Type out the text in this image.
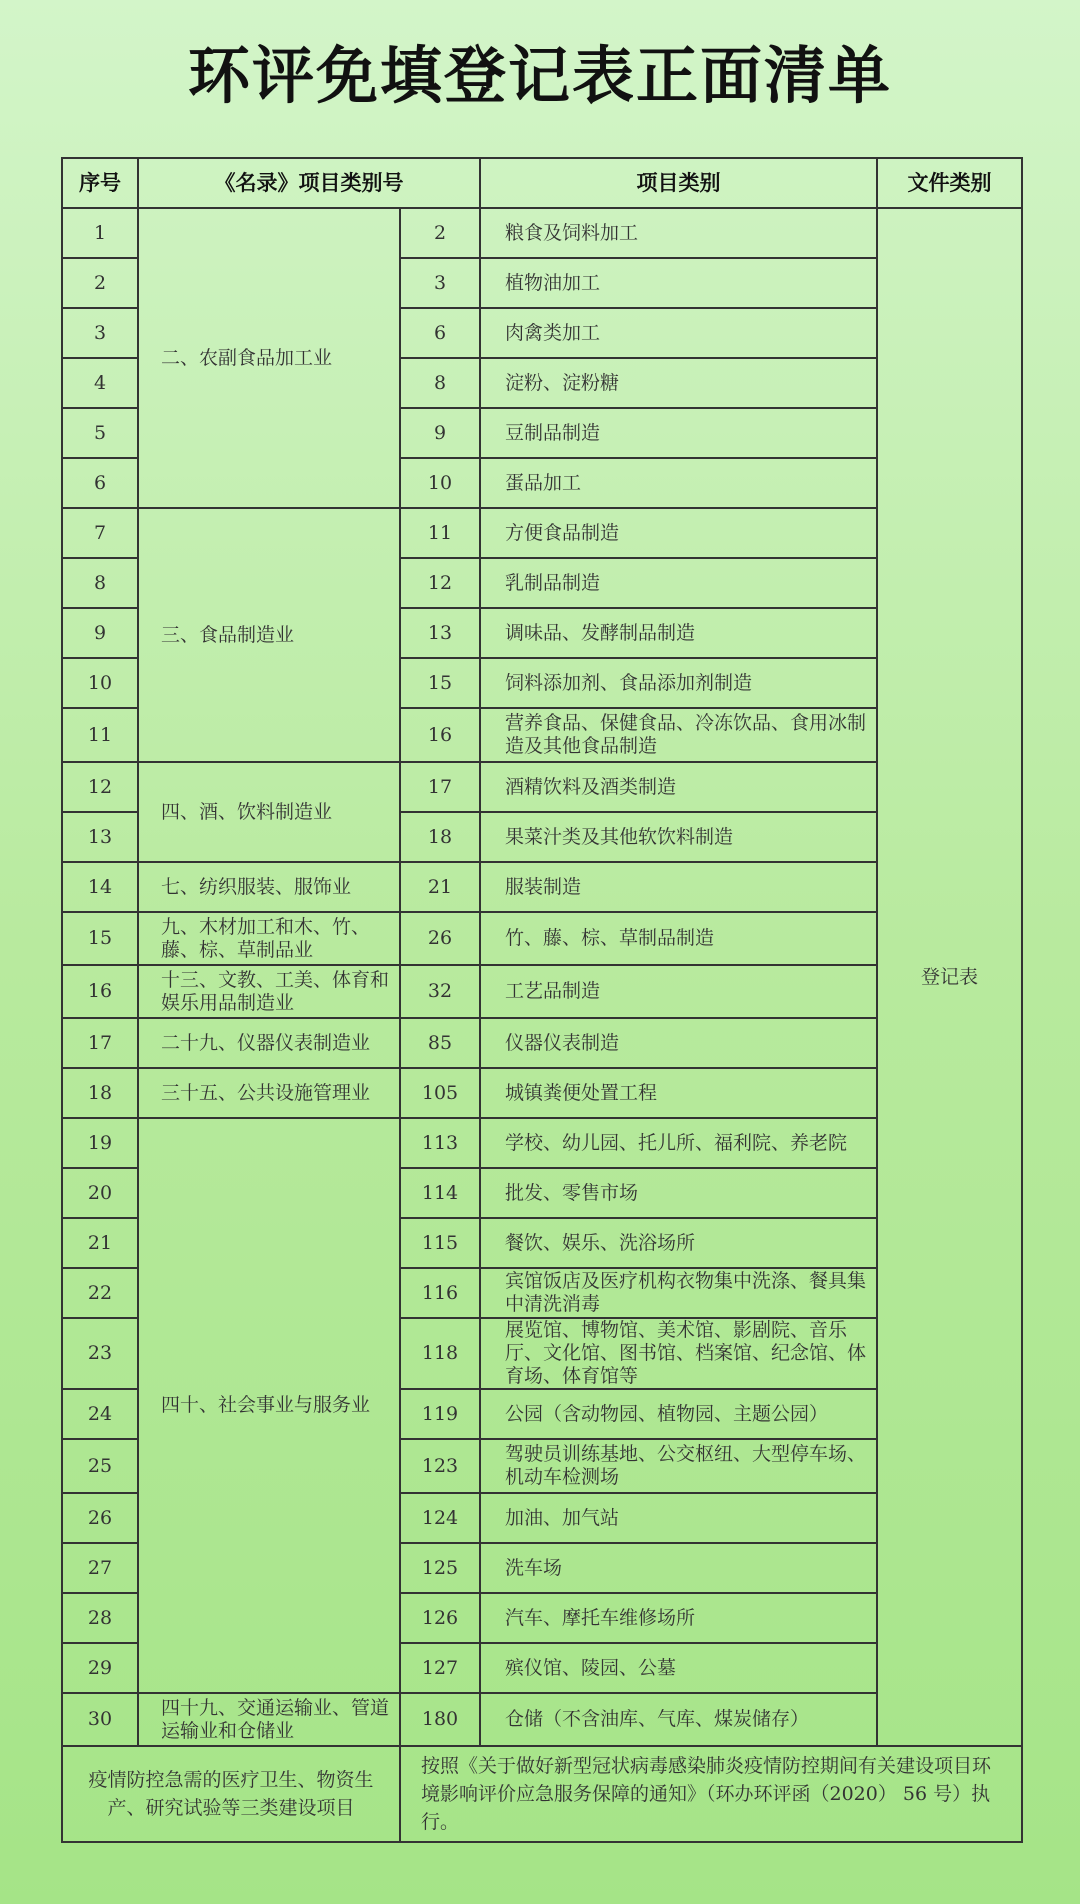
环评免填登记表正面清单
序号	《名录》项目类别号		项目类别	文件类别
1	二、农副食品加工业	2	粮食及饲料加工	登记表
2		3	植物油加工	
3		6	肉禽类加工	
4		8	淀粉、淀粉糖	
5		9	豆制品制造	
6		10	蛋品加工	
7	三、食品制造业	11	方便食品制造	
8		12	乳制品制造	
9		13	调味品、发酵制品制造	
10		15	饲料添加剂、食品添加剂制造	
11		16	营养食品、保健食品、冷冻饮品、食用冰制造及其他食品制造	
12	四、酒、饮料制造业	17	酒精饮料及酒类制造	
13		18	果菜汁类及其他软饮料制造	
14	七、纺织服装、服饰业	21	服装制造	
15	九、木材加工和木、竹、藤、棕、草制品业	26	竹、藤、棕、草制品制造	
16	十三、文教、工美、体育和娱乐用品制造业	32	工艺品制造	
17	二十九、仪器仪表制造业	85	仪器仪表制造	
18	三十五、公共设施管理业	105	城镇粪便处置工程	
19	四十、社会事业与服务业	113	学校、幼儿园、托儿所、福利院、养老院	
20		114	批发、零售市场	
21		115	餐饮、娱乐、洗浴场所	
22		116	宾馆饭店及医疗机构衣物集中洗涤、餐具集中清洗消毒	
23		118	展览馆、博物馆、美术馆、影剧院、音乐厅、文化馆、图书馆、档案馆、纪念馆、体育场、体育馆等	
24		119	公园（含动物园、植物园、主题公园）	
25		123	驾驶员训练基地、公交枢纽、大型停车场、机动车检测场	
26		124	加油、加气站	
27		125	洗车场	
28		126	汽车、摩托车维修场所	
29		127	殡仪馆、陵园、公墓	
30	四十九、交通运输业、管道运输业和仓储业	180	仓储（不含油库、气库、煤炭储存）	
疫情防控急需的医疗卫生、物资生产、研究试验等三类建设项目		按照《关于做好新型冠状病毒感染肺炎疫情防控期间有关建设项目环境影响评价应急服务保障的通知》（环办环评函（2020） 56 号）执行。		
